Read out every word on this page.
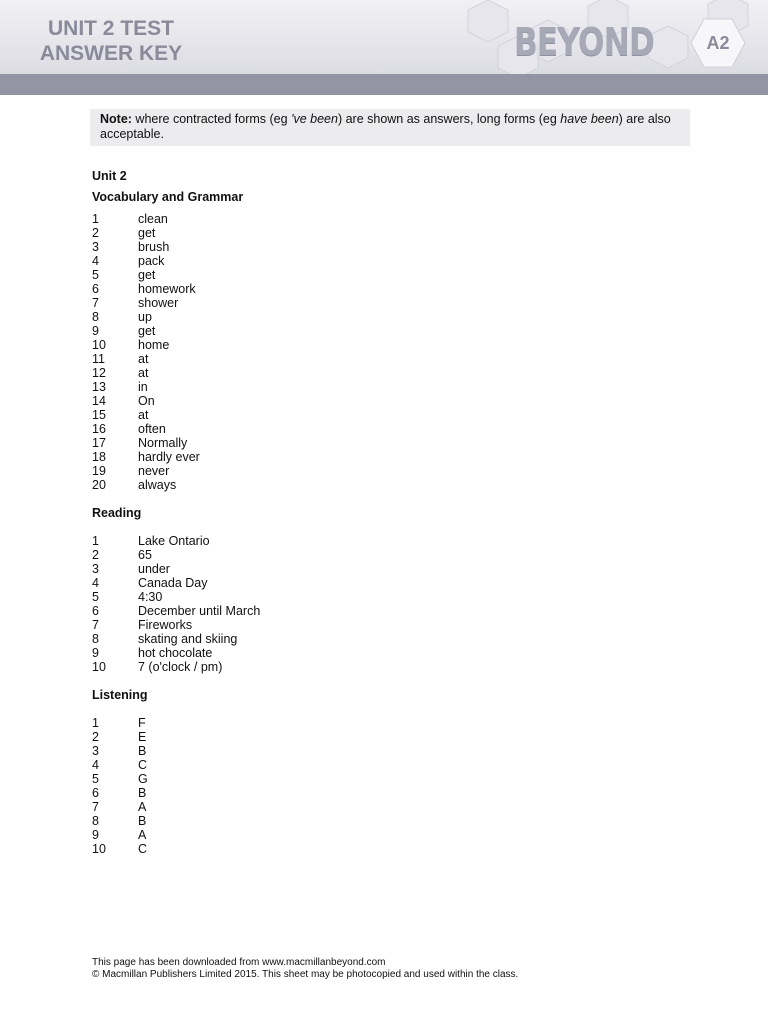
UNIT 2 TEST
ANSWER KEY	BEYOND	A2
Note: where contracted forms (eg 've been) are shown as answers, long forms (eg have been) are also acceptable.
Unit 2
Vocabulary and Grammar
1	clean
2	get
3	brush
4	pack
5	get
6	homework
7	shower
8	up
9	get
10	home
11	at
12	at
13	in
14	On
15	at
16	often
17	Normally
18	hardly ever
19	never
20	always
Reading
1	Lake Ontario
2	65
3	under
4	Canada Day
5	4:30
6	December until March
7	Fireworks
8	skating and skiing
9	hot chocolate
10	7 (o'clock / pm)
Listening
1	F
2	E
3	B
4	C
5	G
6	B
7	A
8	B
9	A
10	C
This page has been downloaded from www.macmillanbeyond.com
© Macmillan Publishers Limited 2015. This sheet may be photocopied and used within the class.
